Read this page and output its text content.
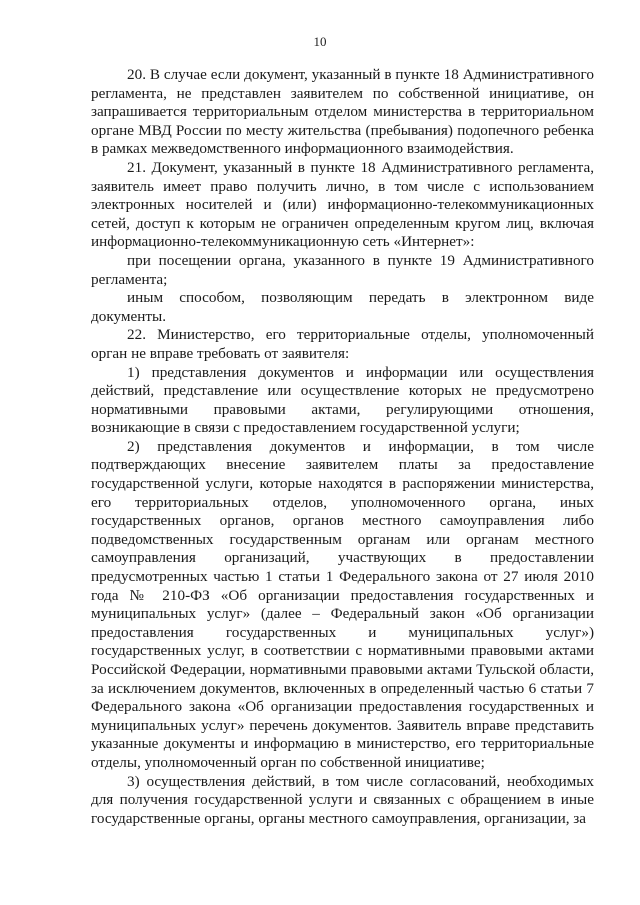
10

20. В случае если документ, указанный в пункте 18 Административного регламента, не представлен заявителем по собственной инициативе, он запрашивается территориальным отделом министерства в территориальном органе МВД России по месту жительства (пребывания) подопечного ребенка в рамках межведомственного информационного взаимодействия.

21. Документ, указанный в пункте 18 Административного регламента, заявитель имеет право получить лично, в том числе с использованием электронных носителей и (или) информационно-телекоммуникационных сетей, доступ к которым не ограничен определенным кругом лиц, включая информационно-телекоммуникационную сеть «Интернет»:

при посещении органа, указанного в пункте 19 Административного регламента;

иным способом, позволяющим передать в электронном виде документы.

22. Министерство, его территориальные отделы, уполномоченный орган не вправе требовать от заявителя:

1) представления документов и информации или осуществления действий, представление или осуществление которых не предусмотрено нормативными правовыми актами, регулирующими отношения, возникающие в связи с предоставлением государственной услуги;

2) представления документов и информации, в том числе подтверждающих внесение заявителем платы за предоставление государственной услуги, которые находятся в распоряжении министерства, его территориальных отделов, уполномоченного органа, иных государственных органов, органов местного самоуправления либо подведомственных государственным органам или органам местного самоуправления организаций, участвующих в предоставлении предусмотренных частью 1 статьи 1 Федерального закона от 27 июля 2010 года № 210-ФЗ «Об организации предоставления государственных и муниципальных услуг» (далее – Федеральный закон «Об организации предоставления государственных и муниципальных услуг») государственных услуг, в соответствии с нормативными правовыми актами Российской Федерации, нормативными правовыми актами Тульской области, за исключением документов, включенных в определенный частью 6 статьи 7 Федерального закона «Об организации предоставления государственных и муниципальных услуг» перечень документов. Заявитель вправе представить указанные документы и информацию в министерство, его территориальные отделы, уполномоченный орган по собственной инициативе;

3) осуществления действий, в том числе согласований, необходимых для получения государственной услуги и связанных с обращением в иные государственные органы, органы местного самоуправления, организации, за
